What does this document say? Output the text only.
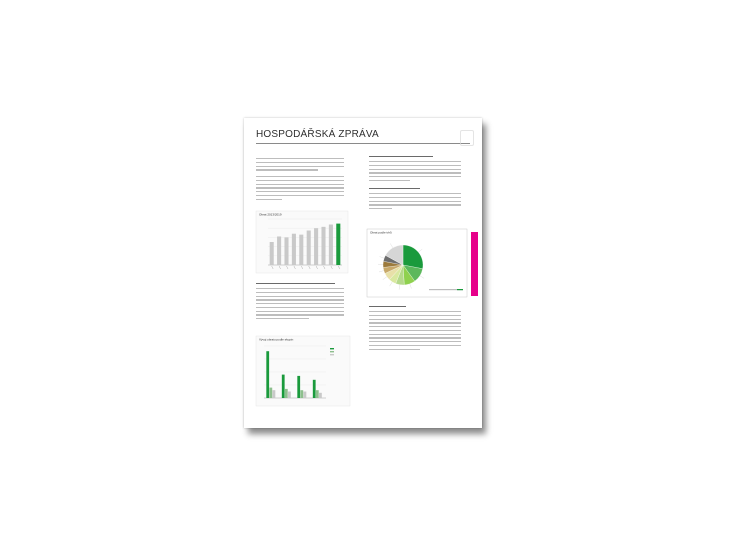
HOSPODÁŘSKÁ ZPRÁVA
Obrat 2013/2019
Vývoj obratu podle skupin
Obrat podle trhů
